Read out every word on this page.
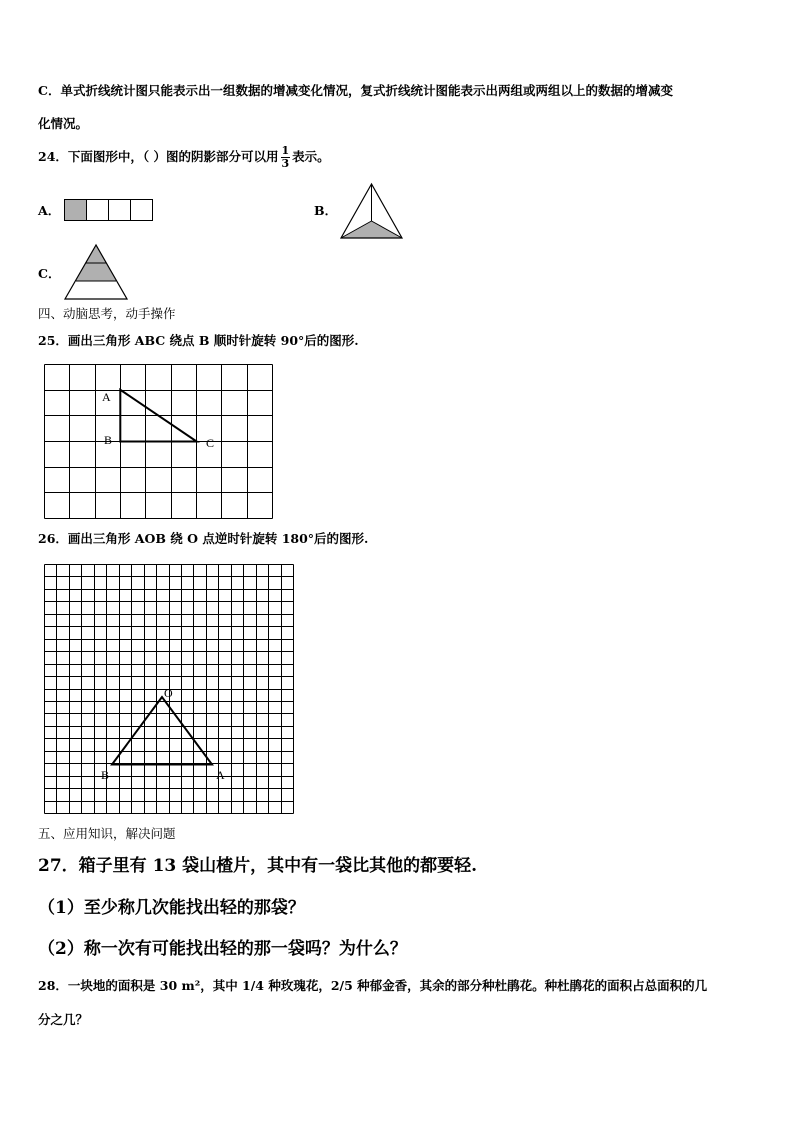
C．单式折线统计图只能表示出一组数据的增减变化情况，复式折线统计图能表示出两组或两组以上的数据的增减变
化情况。
24．下面图形中，（ ）图的阴影部分可以用 $\frac{1}{3}$ 表示。
A．	B．
C．
四、动脑思考，动手操作
25．画出三角形 ABC 绕点 B 顺时针旋转 90°后的图形.
A
B	C
26．画出三角形 AOB 绕 O 点逆时针旋转 180°后的图形.
O
B	A
五、应用知识，解决问题
27．箱子里有 13 袋山楂片，其中有一袋比其他的都要轻.
（1）至少称几次能找出轻的那袋？
（2）称一次有可能找出轻的那一袋吗？为什么？
28．一块地的面积是 30 m²，其中 1/4 种玫瑰花，2/5 种郁金香，其余的部分种杜鹃花。种杜鹃花的面积占总面积的几
分之几？
